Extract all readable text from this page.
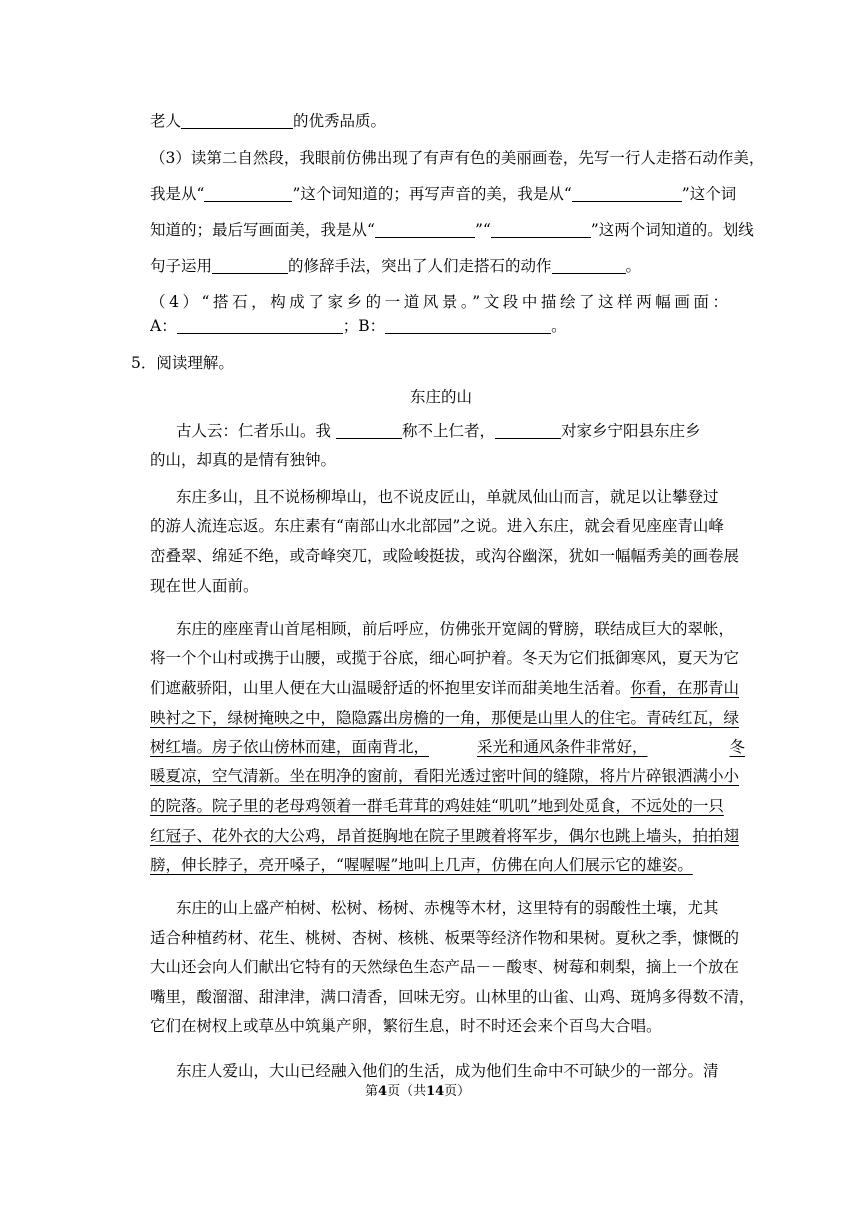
老人	的优秀品质。
（3）读第二自然段，我眼前仿佛出现了有声有色的美丽画卷，先写一行人走搭石动作美，
我是从“	”这个词知道的；再写声音的美，我是从“	”这个词
知道的；最后写画面美，我是从“	”“	”这两个词知道的。划线
句子运用	的修辞手法，突出了人们走搭石的动作	。
（4）“搭石，构成了家乡的一道风景。”文段中描绘了这样两幅画面：
A：	；B：	。
5．阅读理解。
东庄的山
古人云：仁者乐山。我	称不上仁者，	对家乡宁阳县东庄乡
的山，却真的是情有独钟。
东庄多山，且不说杨柳埠山，也不说皮匠山，单就凤仙山而言，就足以让攀登过
的游人流连忘返。东庄素有“南部山水北部园”之说。进入东庄，就会看见座座青山峰
峦叠翠、绵延不绝，或奇峰突兀，或险峻挺拔，或沟谷幽深，犹如一幅幅秀美的画卷展
现在世人面前。
东庄的座座青山首尾相顾，前后呼应，仿佛张开宽阔的臂膀，联结成巨大的翠帐，
将一个个山村或携于山腰，或揽于谷底，细心呵护着。冬天为它们抵御寒风，夏天为它
们遮蔽骄阳，山里人便在大山温暖舒适的怀抱里安详而甜美地生活着。你看，在那青山
映衬之下，绿树掩映之中，隐隐露出房檐的一角，那便是山里人的住宅。青砖红瓦，绿
树红墙。房子依山傍林而建，面南背北，	采光和通风条件非常好，	冬
暖夏凉，空气清新。坐在明净的窗前，看阳光透过密叶间的缝隙，将片片碎银洒满小小
的院落。院子里的老母鸡领着一群毛茸茸的鸡娃娃“叽叽”地到处觅食，不远处的一只
红冠子、花外衣的大公鸡，昂首挺胸地在院子里踱着将军步，偶尔也跳上墙头，拍拍翅
膀，伸长脖子，亮开嗓子，“喔喔喔”地叫上几声，仿佛在向人们展示它的雄姿。
东庄的山上盛产柏树、松树、杨树、赤槐等木材，这里特有的弱酸性土壤，尤其
适合种植药材、花生、桃树、杏树、核桃、板栗等经济作物和果树。夏秋之季，慷慨的
大山还会向人们献出它特有的天然绿色生态产品－－酸枣、树莓和刺梨，摘上一个放在
嘴里，酸溜溜、甜津津，满口清香，回味无穷。山林里的山雀、山鸡、斑鸠多得数不清，
它们在树杈上或草丛中筑巢产卵，繁衍生息，时不时还会来个百鸟大合唱。
东庄人爱山，大山已经融入他们的生活，成为他们生命中不可缺少的一部分。清
第4页（共14页）
